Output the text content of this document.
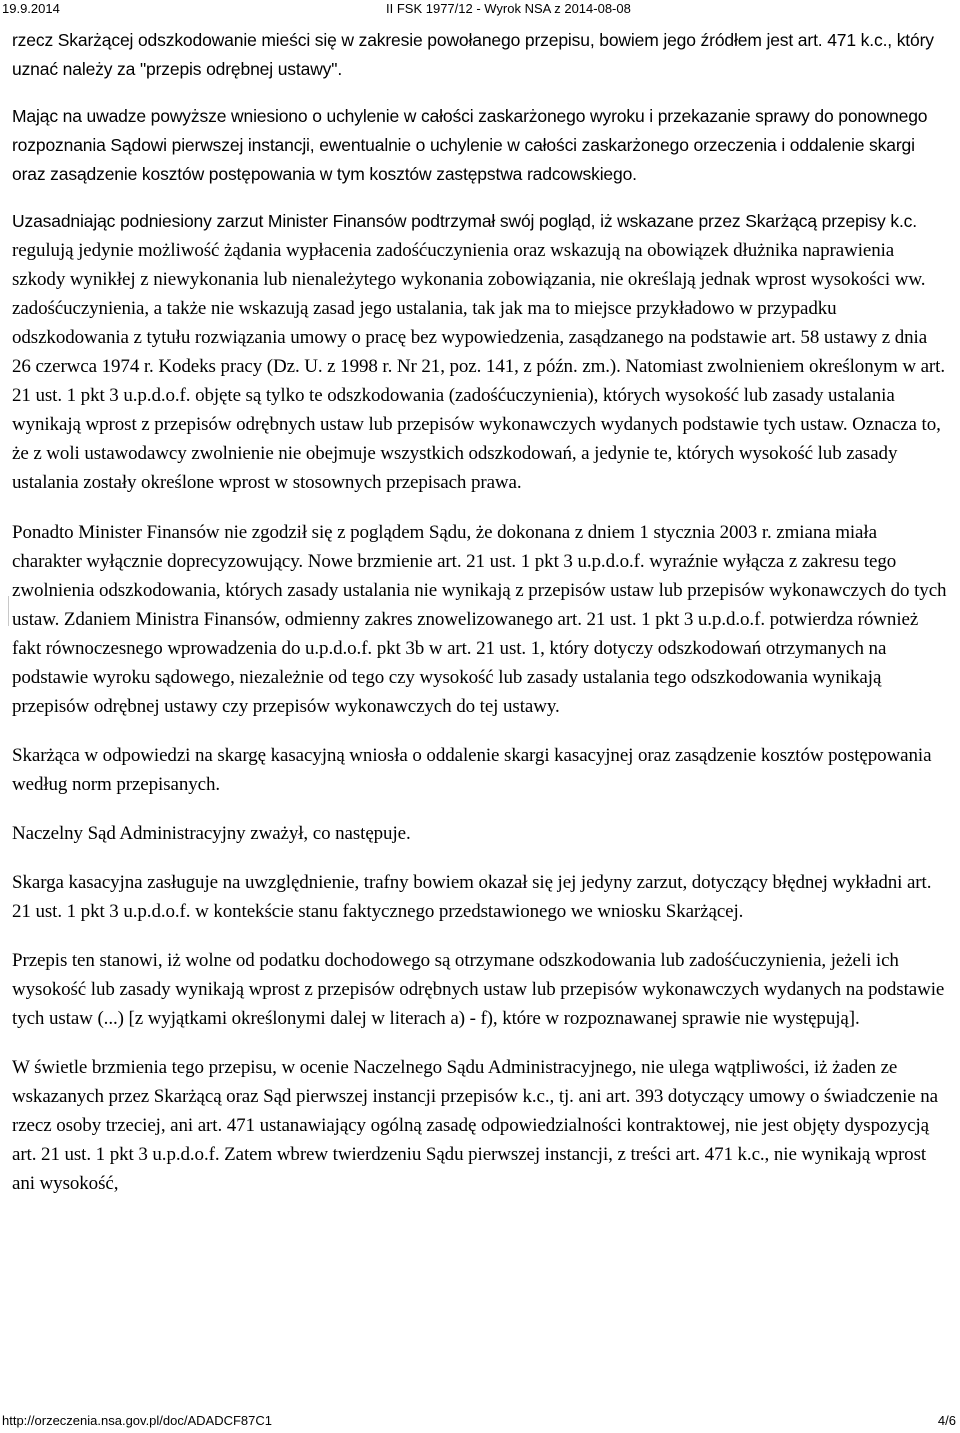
19.9.2014	II FSK 1977/12 - Wyrok NSA z 2014-08-08

rzecz Skarżącej odszkodowanie mieści się w zakresie powołanego przepisu, bowiem jego źródłem jest art. 471 k.c., który uznać należy za "przepis odrębnej ustawy".

Mając na uwadze powyższe wniesiono o uchylenie w całości zaskarżonego wyroku i przekazanie sprawy do ponownego rozpoznania Sądowi pierwszej instancji, ewentualnie o uchylenie w całości zaskarżonego orzeczenia i oddalenie skargi oraz zasądzenie kosztów postępowania w tym kosztów zastępstwa radcowskiego.

Uzasadniając podniesiony zarzut Minister Finansów podtrzymał swój pogląd, iż wskazane przez Skarżącą przepisy k.c. regulują jedynie możliwość żądania wypłacenia zadośćuczynienia oraz wskazują na obowiązek dłużnika naprawienia szkody wynikłej z niewykonania lub nienależytego wykonania zobowiązania, nie określają jednak wprost wysokości ww. zadośćuczynienia, a także nie wskazują zasad jego ustalania, tak jak ma to miejsce przykładowo w przypadku odszkodowania z tytułu rozwiązania umowy o pracę bez wypowiedzenia, zasądzanego na podstawie art. 58 ustawy z dnia 26 czerwca 1974 r. Kodeks pracy (Dz. U. z 1998 r. Nr 21, poz. 141, z późn. zm.). Natomiast zwolnieniem określonym w art. 21 ust. 1 pkt 3 u.p.d.o.f. objęte są tylko te odszkodowania (zadośćuczynienia), których wysokość lub zasady ustalania wynikają wprost z przepisów odrębnych ustaw lub przepisów wykonawczych wydanych podstawie tych ustaw. Oznacza to, że z woli ustawodawcy zwolnienie nie obejmuje wszystkich odszkodowań, a jedynie te, których wysokość lub zasady ustalania zostały określone wprost w stosownych przepisach prawa.

Ponadto Minister Finansów nie zgodził się z poglądem Sądu, że dokonana z dniem 1 stycznia 2003 r. zmiana miała charakter wyłącznie doprecyzowujący. Nowe brzmienie art. 21 ust. 1 pkt 3 u.p.d.o.f. wyraźnie wyłącza z zakresu tego zwolnienia odszkodowania, których zasady ustalania nie wynikają z przepisów ustaw lub przepisów wykonawczych do tych ustaw. Zdaniem Ministra Finansów, odmienny zakres znowelizowanego art. 21 ust. 1 pkt 3 u.p.d.o.f. potwierdza również fakt równoczesnego wprowadzenia do u.p.d.o.f. pkt 3b w art. 21 ust. 1, który dotyczy odszkodowań otrzymanych na podstawie wyroku sądowego, niezależnie od tego czy wysokość lub zasady ustalania tego odszkodowania wynikają przepisów odrębnej ustawy czy przepisów wykonawczych do tej ustawy.

Skarżąca w odpowiedzi na skargę kasacyjną wniosła o oddalenie skargi kasacyjnej oraz zasądzenie kosztów postępowania według norm przepisanych.

Naczelny Sąd Administracyjny zważył, co następuje.

Skarga kasacyjna zasługuje na uwzględnienie, trafny bowiem okazał się jej jedyny zarzut, dotyczący błędnej wykładni art. 21 ust. 1 pkt 3 u.p.d.o.f. w kontekście stanu faktycznego przedstawionego we wniosku Skarżącej.

Przepis ten stanowi, iż wolne od podatku dochodowego są otrzymane odszkodowania lub zadośćuczynienia, jeżeli ich wysokość lub zasady wynikają wprost z przepisów odrębnych ustaw lub przepisów wykonawczych wydanych na podstawie tych ustaw (...) [z wyjątkami określonymi dalej w literach a) - f), które w rozpoznawanej sprawie nie występują].

W świetle brzmienia tego przepisu, w ocenie Naczelnego Sądu Administracyjnego, nie ulega wątpliwości, iż żaden ze wskazanych przez Skarżącą oraz Sąd pierwszej instancji przepisów k.c., tj. ani art. 393 dotyczący umowy o świadczenie na rzecz osoby trzeciej, ani art. 471 ustanawiający ogólną zasadę odpowiedzialności kontraktowej, nie jest objęty dyspozycją art. 21 ust. 1 pkt 3 u.p.d.o.f. Zatem wbrew twierdzeniu Sądu pierwszej instancji, z treści art. 471 k.c., nie wynikają wprost ani wysokość,

http://orzeczenia.nsa.gov.pl/doc/ADADCF87C1	4/6
